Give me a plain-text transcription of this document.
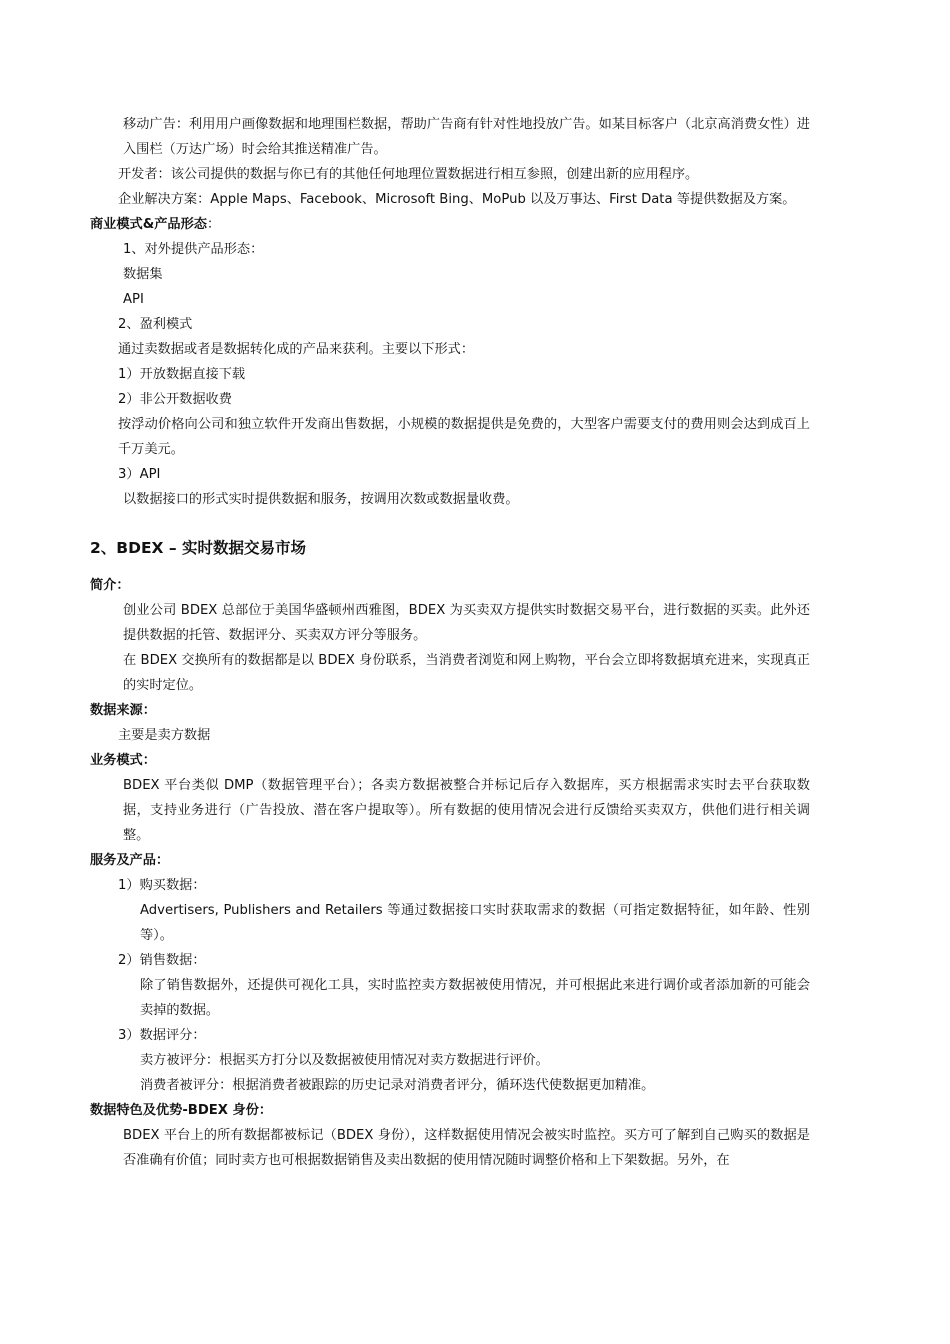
移动广告：利用用户画像数据和地理围栏数据，帮助广告商有针对性地投放广告。如某目标客户（北京高消费女性）进入围栏（万达广场）时会给其推送精准广告。

开发者：该公司提供的数据与你已有的其他任何地理位置数据进行相互参照，创建出新的应用程序。

企业解决方案：Apple Maps、Facebook、Microsoft Bing、MoPub 以及万事达、First Data 等提供数据及方案。

商业模式&产品形态：

1、对外提供产品形态：

数据集

API

2、盈利模式

通过卖数据或者是数据转化成的产品来获利。主要以下形式：

1）开放数据直接下载

2）非公开数据收费

按浮动价格向公司和独立软件开发商出售数据，小规模的数据提供是免费的，大型客户需要支付的费用则会达到成百上千万美元。

3）API

以数据接口的形式实时提供数据和服务，按调用次数或数据量收费。

2、BDEX – 实时数据交易市场

简介：

创业公司 BDEX 总部位于美国华盛顿州西雅图，BDEX 为买卖双方提供实时数据交易平台，进行数据的买卖。此外还提供数据的托管、数据评分、买卖双方评分等服务。

在 BDEX 交换所有的数据都是以 BDEX 身份联系，当消费者浏览和网上购物，平台会立即将数据填充进来，实现真正的实时定位。

数据来源：

主要是卖方数据

业务模式：

BDEX 平台类似 DMP（数据管理平台）；各卖方数据被整合并标记后存入数据库，买方根据需求实时去平台获取数据，支持业务进行（广告投放、潜在客户提取等）。所有数据的使用情况会进行反馈给买卖双方，供他们进行相关调整。

服务及产品：

1）购买数据：

Advertisers, Publishers and Retailers 等通过数据接口实时获取需求的数据（可指定数据特征，如年龄、性别等）。

2）销售数据：

除了销售数据外，还提供可视化工具，实时监控卖方数据被使用情况，并可根据此来进行调价或者添加新的可能会卖掉的数据。

3）数据评分：

卖方被评分：根据买方打分以及数据被使用情况对卖方数据进行评价。

消费者被评分：根据消费者被跟踪的历史记录对消费者评分，循环迭代使数据更加精准。

数据特色及优势-BDEX 身份：

BDEX 平台上的所有数据都被标记（BDEX 身份），这样数据使用情况会被实时监控。买方可了解到自己购买的数据是否准确有价值；同时卖方也可根据数据销售及卖出数据的使用情况随时调整价格和上下架数据。另外，在
